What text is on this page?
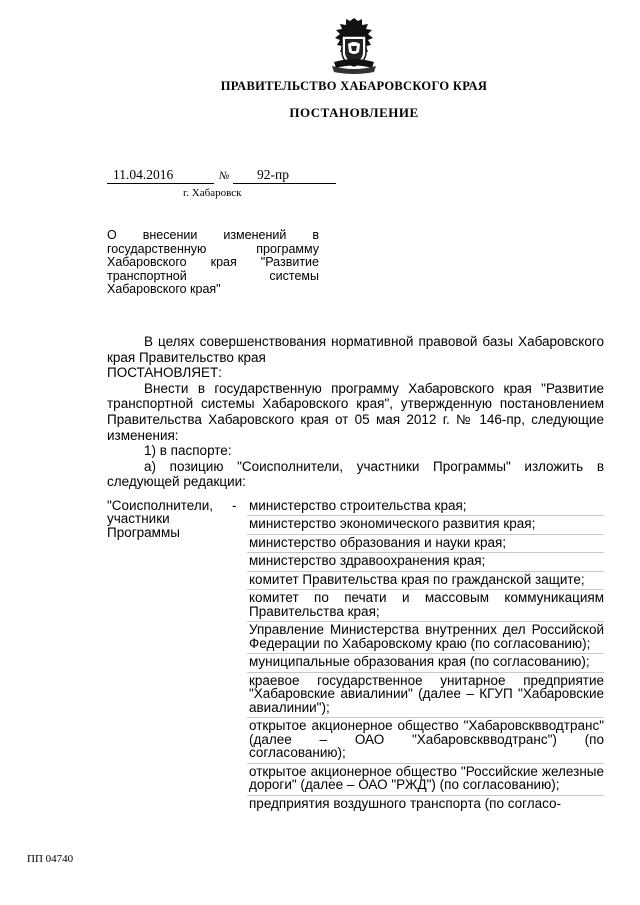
ПРАВИТЕЛЬСТВО ХАБАРОВСКОГО КРАЯ
ПОСТАНОВЛЕНИЕ
11.04.2016	№	92-пр
г. Хабаровск
О внесении изменений в государственную программу Хабаровского края "Развитие транспортной системы Хабаровского края"

В целях совершенствования нормативной правовой базы Хабаровского края Правительство края

ПОСТАНОВЛЯЕТ:

Внести в государственную программу Хабаровского края "Развитие транспортной системы Хабаровского края", утвержденную постановлением Правительства Хабаровского края от 05 мая 2012 г. № 146-пр, следующие изменения:

1) в паспорте:

а) позицию "Соисполнители, участники Программы" изложить в следующей редакции:

"Соисполнители, участники Программы
- министерство строительства края;
министерство экономического развития края;
министерство образования и науки края;
министерство здравоохранения края;
комитет Правительства края по гражданской защите;
комитет по печати и массовым коммуникациям Правительства края;
Управление Министерства внутренних дел Российской Федерации по Хабаровскому краю (по согласованию);
муниципальные образования края (по согласованию);
краевое государственное унитарное предприятие "Хабаровские авиалинии" (далее – КГУП "Хабаровские авиалинии");
открытое акционерное общество "Хабаровсквводтранс" (далее – ОАО "Хабаровсквводтранс") (по согласованию);
открытое акционерное общество "Российские железные дороги" (далее – ОАО "РЖД") (по согласованию);
предприятия воздушного транспорта (по согласо-
ПП 04740
